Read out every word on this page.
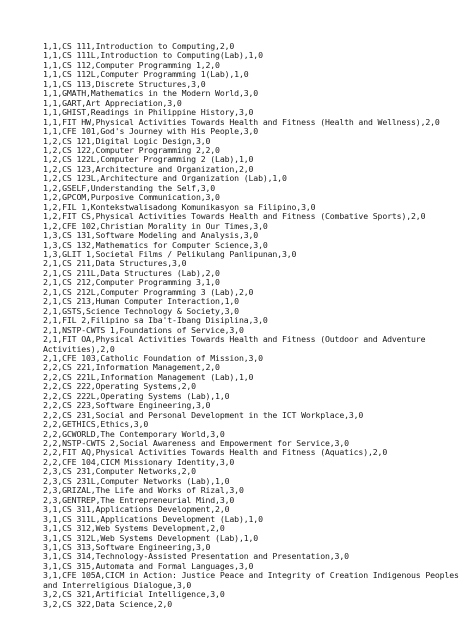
1,1,CS 111,Introduction to Computing,2,0
1,1,CS 111L,Introduction to Computing(Lab),1,0
1,1,CS 112,Computer Programming 1,2,0
1,1,CS 112L,Computer Programming 1(Lab),1,0
1,1,CS 113,Discrete Structures,3,0
1,1,GMATH,Mathematics in the Modern World,3,0
1,1,GART,Art Appreciation,3,0
1,1,GHIST,Readings in Philippine History,3,0
1,1,FIT HW,Physical Activities Towards Health and Fitness (Health and Wellness),2,0
1,1,CFE 101,God's Journey with His People,3,0
1,2,CS 121,Digital Logic Design,3,0
1,2,CS 122,Computer Programming 2,2,0
1,2,CS 122L,Computer Programming 2 (Lab),1,0
1,2,CS 123,Architecture and Organization,2,0
1,2,CS 123L,Architecture and Organization (Lab),1,0
1,2,GSELF,Understanding the Self,3,0
1,2,GPCOM,Purposive Communication,3,0
1,2,FIL 1,Kontekstwalisadong Komunikasyon sa Filipino,3,0
1,2,FIT CS,Physical Activities Towards Health and Fitness (Combative Sports),2,0
1,2,CFE 102,Christian Morality in Our Times,3,0
1,3,CS 131,Software Modeling and Analysis,3,0
1,3,CS 132,Mathematics for Computer Science,3,0
1,3,GLIT 1,Societal Films / Pelikulang Panlipunan,3,0
2,1,CS 211,Data Structures,3,0
2,1,CS 211L,Data Structures (Lab),2,0
2,1,CS 212,Computer Programming 3,1,0
2,1,CS 212L,Computer Programming 3 (Lab),2,0
2,1,CS 213,Human Computer Interaction,1,0
2,1,GSTS,Science Technology & Society,3,0
2,1,FIL 2,Filipino sa Iba't-Ibang Disiplina,3,0
2,1,NSTP-CWTS 1,Foundations of Service,3,0
2,1,FIT OA,Physical Activities Towards Health and Fitness (Outdoor and Adventure Activities),2,0
2,1,CFE 103,Catholic Foundation of Mission,3,0
2,2,CS 221,Information Management,2,0
2,2,CS 221L,Information Management (Lab),1,0
2,2,CS 222,Operating Systems,2,0
2,2,CS 222L,Operating Systems (Lab),1,0
2,2,CS 223,Software Engineering,3,0
2,2,CS 231,Social and Personal Development in the ICT Workplace,3,0
2,2,GETHICS,Ethics,3,0
2,2,GCWORLD,The Contemporary World,3,0
2,2,NSTP-CWTS 2,Social Awareness and Empowerment for Service,3,0
2,2,FIT AQ,Physical Activities Towards Health and Fitness (Aquatics),2,0
2,2,CFE 104,CICM Missionary Identity,3,0
2,3,CS 231,Computer Networks,2,0
2,3,CS 231L,Computer Networks (Lab),1,0
2,3,GRIZAL,The Life and Works of Rizal,3,0
2,3,GENTREP,The Entrepreneurial Mind,3,0
3,1,CS 311,Applications Development,2,0
3,1,CS 311L,Applications Development (Lab),1,0
3,1,CS 312,Web Systems Development,2,0
3,1,CS 312L,Web Systems Development (Lab),1,0
3,1,CS 313,Software Engineering,3,0
3,1,CS 314,Technology-Assisted Presentation and Presentation,3,0
3,1,CS 315,Automata and Formal Languages,3,0
3,1,CFE 105A,CICM in Action: Justice Peace and Integrity of Creation Indigenous Peoples and Interreligious Dialogue,3,0
3,2,CS 321,Artificial Intelligence,3,0
3,2,CS 322,Data Science,2,0
